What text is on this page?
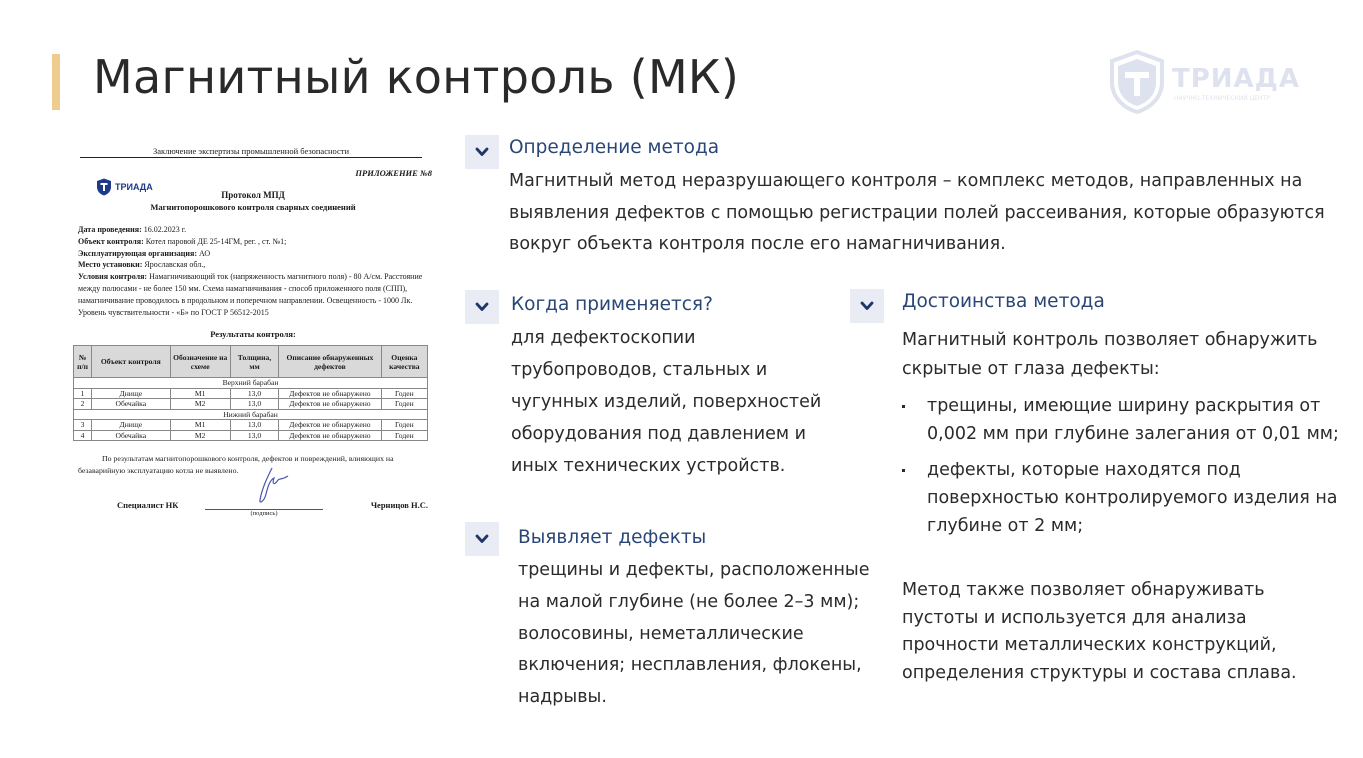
Магнитный контроль (МК)	ТРИАДА
НАУЧНО-ТЕХНИЧЕСКИЙ ЦЕНТР
Заключение экспертизы промышленной безопасности
ПРИЛОЖЕНИЕ №8
ТРИАДА
Протокол МПД
Магнитопорошкового контроля сварных соединений
Дата проведения: 16.02.2023 г.
Объект контроля: Котел паровой ДЕ 25-14ГМ, рег. , ст. №1;
Эксплуатирующая организация: АО
Место установки: Ярославская обл.,
Условия контроля: Намагничивающий ток (напряженность магнитного поля) - 80 А/см. Расстояние между полюсами - не более 150 мм. Схема намагничивания - способ приложенного поля (СПП), намагничивание проводилось в продольном и поперечном направлении. Освещенность - 1000 Лк. Уровень чувствительности - «Б» по ГОСТ Р 56512-2015
Результаты контроля:
№ п/п	Объект контроля	Обозначение на схеме	Толщина, мм	Описание обнаруженных дефектов	Оценка качества
Верхний барабан					
1	Днище	М1	13,0	Дефектов не обнаружено	Годен
2	Обечайка	М2	13,0	Дефектов не обнаружено	Годен
Нижний барабан					
3	Днище	М1	13,0	Дефектов не обнаружено	Годен
4	Обечайка	М2	13,0	Дефектов не обнаружено	Годен
По результатам магнитопорошкового контроля, дефектов и повреждений, влияющих на безаварийную эксплуатацию котла не выявлено.
Специалист НК
(подпись)
Черницов Н.С.
Определение метода
Магнитный метод неразрушающего контроля – комплекс методов, направленных на выявления дефектов с помощью регистрации полей рассеивания, которые образуются вокруг объекта контроля после его намагничивания.
Когда применяется?
для дефектоскопии трубопроводов, стальных и чугунных изделий, поверхностей оборудования под давлением и иных технических устройств.
Выявляет дефекты
трещины и дефекты, расположенные на малой глубине (не более 2–3 мм); волосовины, неметаллические включения; несплавления, флокены, надрывы.
Достоинства метода
Магнитный контроль позволяет обнаружить скрытые от глаза дефекты:
трещины, имеющие ширину раскрытия от 0,002 мм при глубине залегания от 0,01 мм;
дефекты, которые находятся под поверхностью контролируемого изделия на глубине от 2 мм;
Метод также позволяет обнаруживать пустоты и используется для анализа прочности металлических конструкций, определения структуры и состава сплава.
